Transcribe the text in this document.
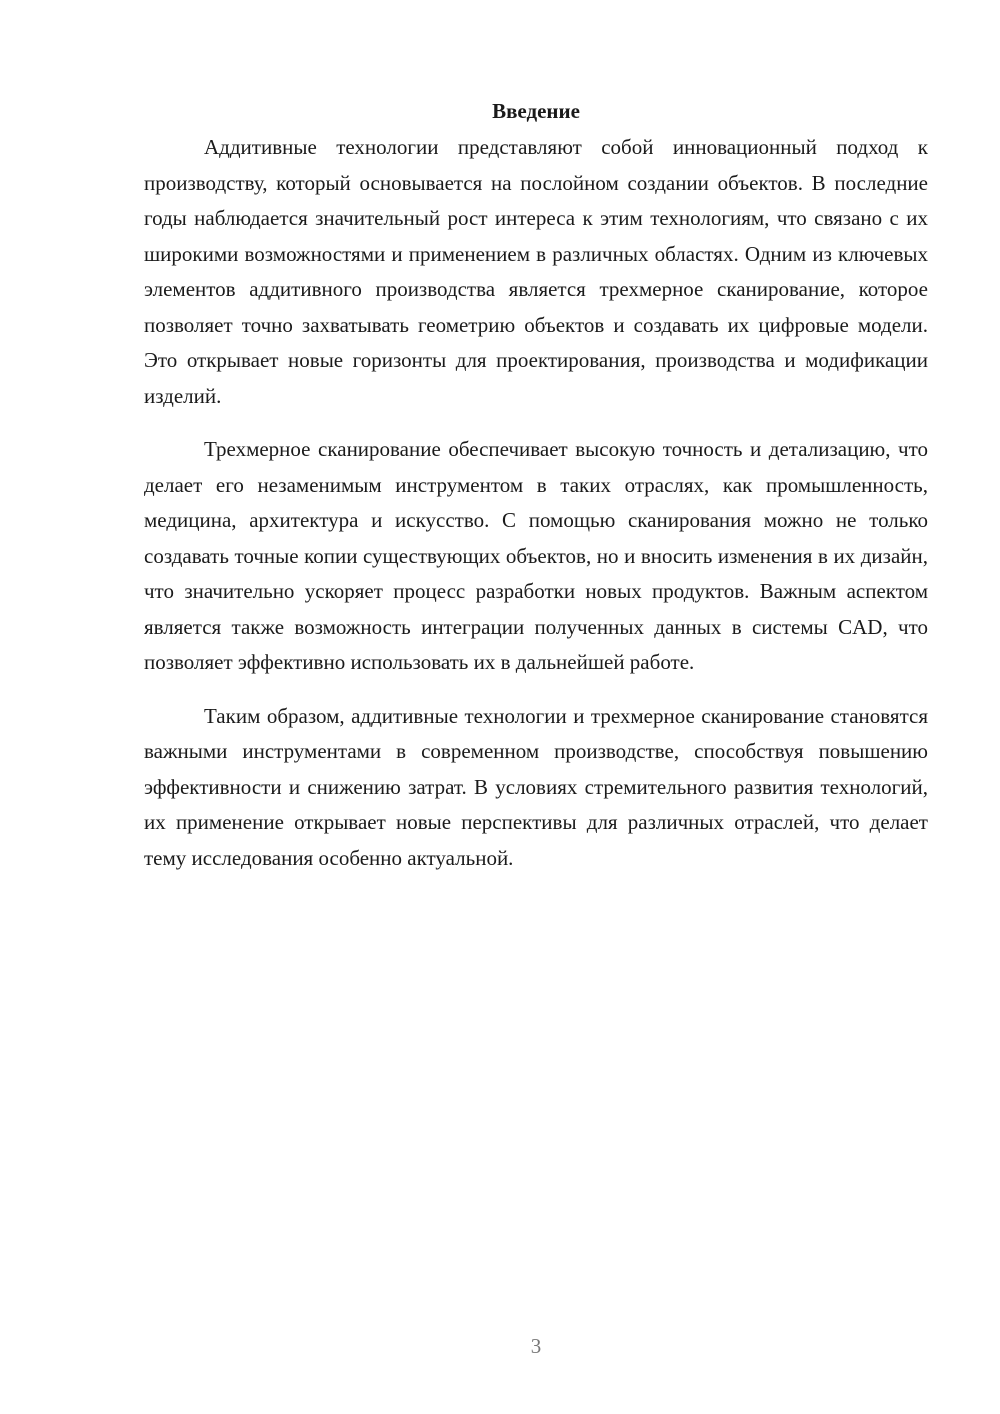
Введение

Аддитивные технологии представляют собой инновационный подход к производству, который основывается на послойном создании объектов. В последние годы наблюдается значительный рост интереса к этим технологиям, что связано с их широкими возможностями и применением в различных областях. Одним из ключевых элементов аддитивного производства является трехмерное сканирование, которое позволяет точно захватывать геометрию объектов и создавать их цифровые модели. Это открывает новые горизонты для проектирования, производства и модификации изделий.

Трехмерное сканирование обеспечивает высокую точность и детализацию, что делает его незаменимым инструментом в таких отраслях, как промышленность, медицина, архитектура и искусство. С помощью сканирования можно не только создавать точные копии существующих объектов, но и вносить изменения в их дизайн, что значительно ускоряет процесс разработки новых продуктов. Важным аспектом является также возможность интеграции полученных данных в системы CAD, что позволяет эффективно использовать их в дальнейшей работе.

Таким образом, аддитивные технологии и трехмерное сканирование становятся важными инструментами в современном производстве, способствуя повышению эффективности и снижению затрат. В условиях стремительного развития технологий, их применение открывает новые перспективы для различных отраслей, что делает тему исследования особенно актуальной.

3
